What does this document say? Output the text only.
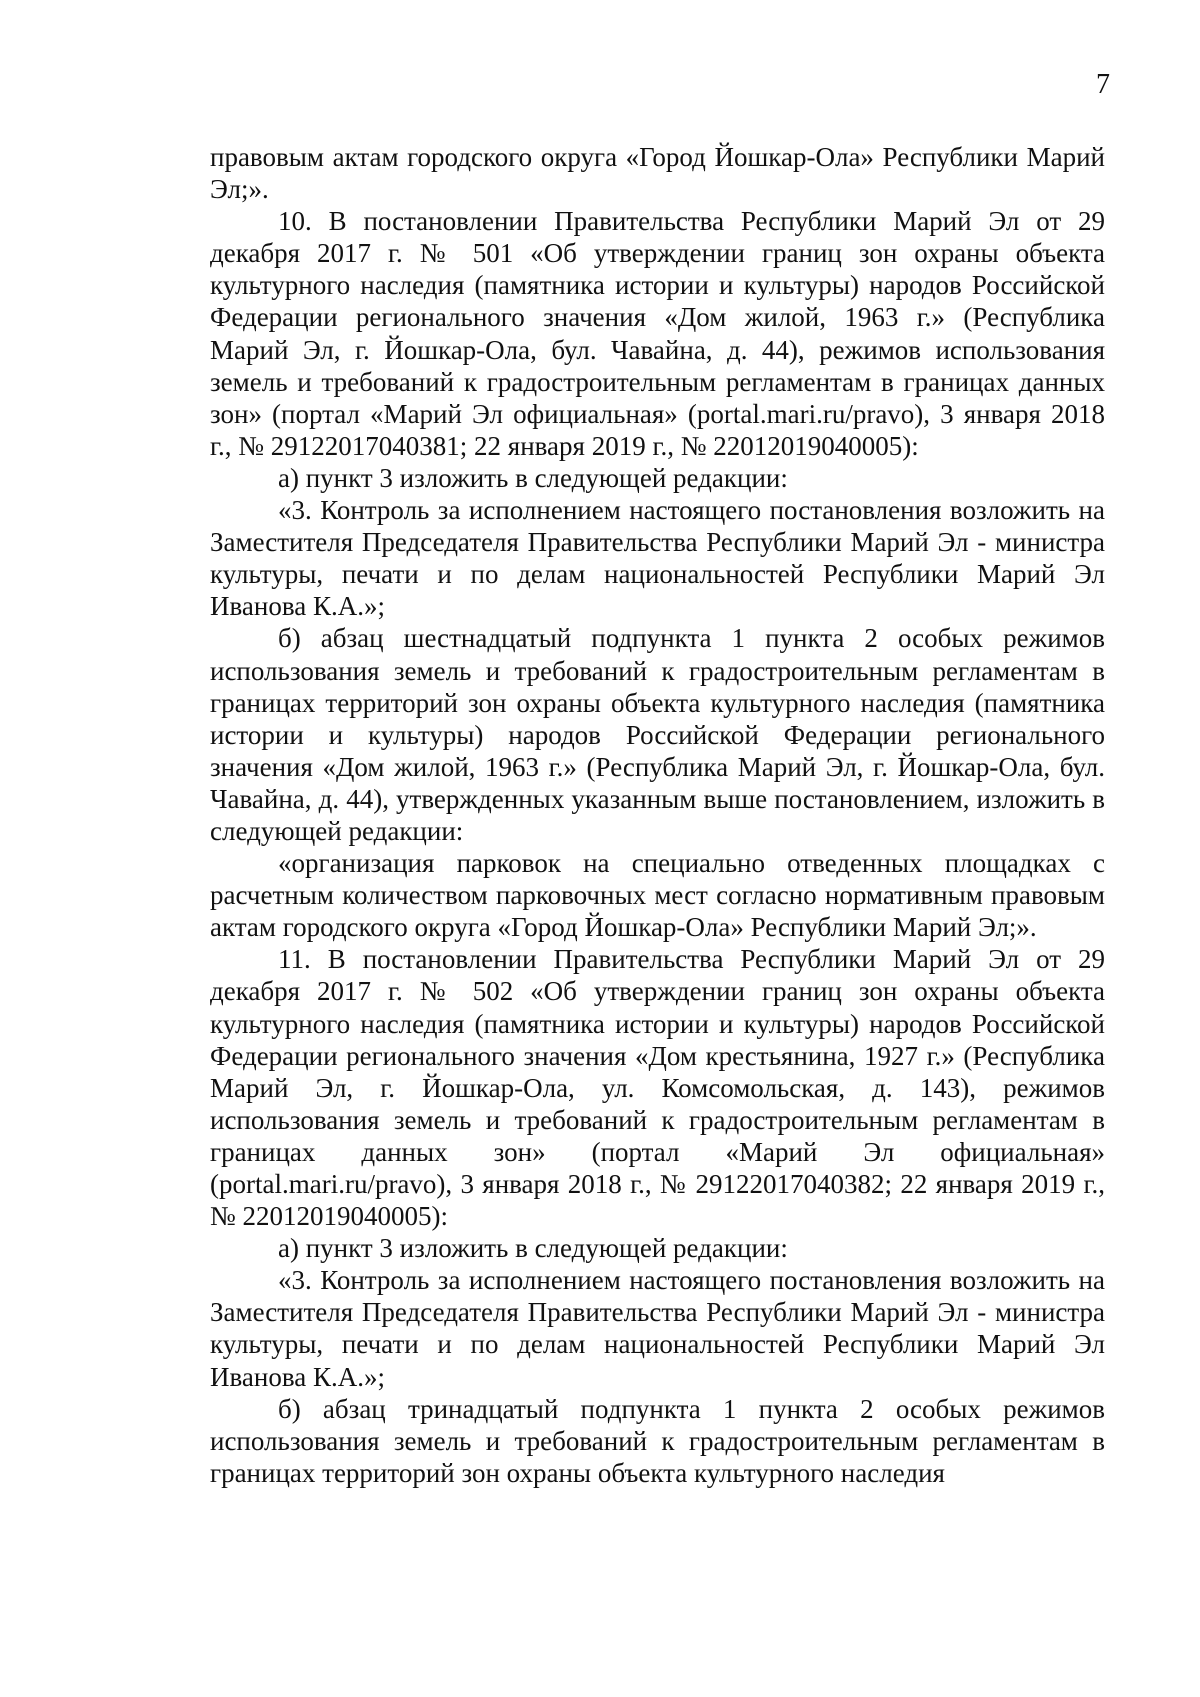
7

правовым актам городского округа «Город Йошкар-Ола» Республики Марий Эл;».

10. В постановлении Правительства Республики Марий Эл от 29 декабря 2017 г. № 501 «Об утверждении границ зон охраны объекта культурного наследия (памятника истории и культуры) народов Российской Федерации регионального значения «Дом жилой, 1963 г.» (Республика Марий Эл, г. Йошкар-Ола, бул. Чавайна, д. 44), режимов использования земель и требований к градостроительным регламентам в границах данных зон» (портал «Марий Эл официальная» (portal.mari.ru/pravo), 3 января 2018 г., № 29122017040381; 22 января 2019 г., № 22012019040005):

а) пункт 3 изложить в следующей редакции:

«3. Контроль за исполнением настоящего постановления возложить на Заместителя Председателя Правительства Республики Марий Эл - министра культуры, печати и по делам национальностей Республики Марий Эл Иванова К.А.»;

б) абзац шестнадцатый подпункта 1 пункта 2 особых режимов использования земель и требований к градостроительным регламентам в границах территорий зон охраны объекта культурного наследия (памятника истории и культуры) народов Российской Федерации регионального значения «Дом жилой, 1963 г.» (Республика Марий Эл, г. Йошкар-Ола, бул. Чавайна, д. 44), утвержденных указанным выше постановлением, изложить в следующей редакции:

«организация парковок на специально отведенных площадках с расчетным количеством парковочных мест согласно нормативным правовым актам городского округа «Город Йошкар-Ола» Республики Марий Эл;».

11. В постановлении Правительства Республики Марий Эл от 29 декабря 2017 г. № 502 «Об утверждении границ зон охраны объекта культурного наследия (памятника истории и культуры) народов Российской Федерации регионального значения «Дом крестьянина, 1927 г.» (Республика Марий Эл, г. Йошкар-Ола, ул. Комсомольская, д. 143), режимов использования земель и требований к градостроительным регламентам в границах данных зон» (портал «Марий Эл официальная» (portal.mari.ru/pravo), 3 января 2018 г., № 29122017040382; 22 января 2019 г., № 22012019040005):

а) пункт 3 изложить в следующей редакции:

«3. Контроль за исполнением настоящего постановления возложить на Заместителя Председателя Правительства Республики Марий Эл - министра культуры, печати и по делам национальностей Республики Марий Эл Иванова К.А.»;

б) абзац тринадцатый подпункта 1 пункта 2 особых режимов использования земель и требований к градостроительным регламентам в границах территорий зон охраны объекта культурного наследия
